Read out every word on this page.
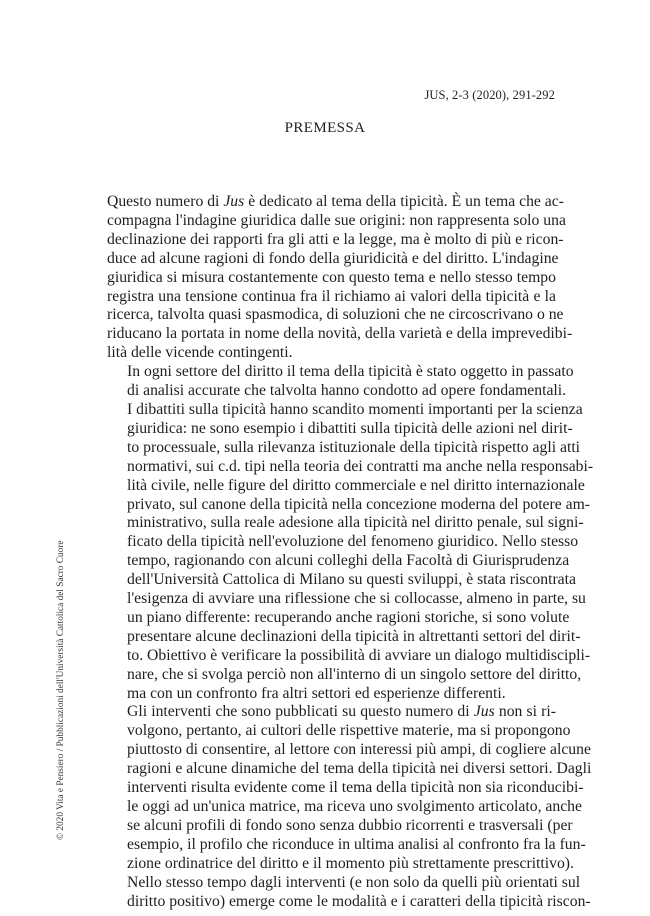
JUS, 2-3 (2020), 291-292
PREMESSA
© 2020 Vita e Pensiero / Pubblicazioni dell'Università Cattolica del Sacro Cuore

Questo numero di Jus è dedicato al tema della tipicità. È un tema che ac-
compagna l'indagine giuridica dalle sue origini: non rappresenta solo una
declinazione dei rapporti fra gli atti e la legge, ma è molto di più e ricon-
duce ad alcune ragioni di fondo della giuridicità e del diritto. L'indagine
giuridica si misura costantemente con questo tema e nello stesso tempo
registra una tensione continua fra il richiamo ai valori della tipicità e la
ricerca, talvolta quasi spasmodica, di soluzioni che ne circoscrivano o ne
riducano la portata in nome della novità, della varietà e della imprevedibi-
lità delle vicende contingenti.

In ogni settore del diritto il tema della tipicità è stato oggetto in passato
di analisi accurate che talvolta hanno condotto ad opere fondamentali.
I dibattiti sulla tipicità hanno scandito momenti importanti per la scienza
giuridica: ne sono esempio i dibattiti sulla tipicità delle azioni nel dirit-
to processuale, sulla rilevanza istituzionale della tipicità rispetto agli atti
normativi, sui c.d. tipi nella teoria dei contratti ma anche nella responsabi-
lità civile, nelle figure del diritto commerciale e nel diritto internazionale
privato, sul canone della tipicità nella concezione moderna del potere am-
ministrativo, sulla reale adesione alla tipicità nel diritto penale, sul signi-
ficato della tipicità nell'evoluzione del fenomeno giuridico. Nello stesso
tempo, ragionando con alcuni colleghi della Facoltà di Giurisprudenza
dell'Università Cattolica di Milano su questi sviluppi, è stata riscontrata
l'esigenza di avviare una riflessione che si collocasse, almeno in parte, su
un piano differente: recuperando anche ragioni storiche, si sono volute
presentare alcune declinazioni della tipicità in altrettanti settori del dirit-
to. Obiettivo è verificare la possibilità di avviare un dialogo multidiscipli-
nare, che si svolga perciò non all'interno di un singolo settore del diritto,
ma con un confronto fra altri settori ed esperienze differenti.

Gli interventi che sono pubblicati su questo numero di Jus non si ri-
volgono, pertanto, ai cultori delle rispettive materie, ma si propongono
piuttosto di consentire, al lettore con interessi più ampi, di cogliere alcune
ragioni e alcune dinamiche del tema della tipicità nei diversi settori. Dagli
interventi risulta evidente come il tema della tipicità non sia riconducibi-
le oggi ad un'unica matrice, ma riceva uno svolgimento articolato, anche
se alcuni profili di fondo sono senza dubbio ricorrenti e trasversali (per
esempio, il profilo che riconduce in ultima analisi al confronto fra la fun-
zione ordinatrice del diritto e il momento più strettamente prescrittivo).
Nello stesso tempo dagli interventi (e non solo da quelli più orientati sul
diritto positivo) emerge come le modalità e i caratteri della tipicità riscon-
